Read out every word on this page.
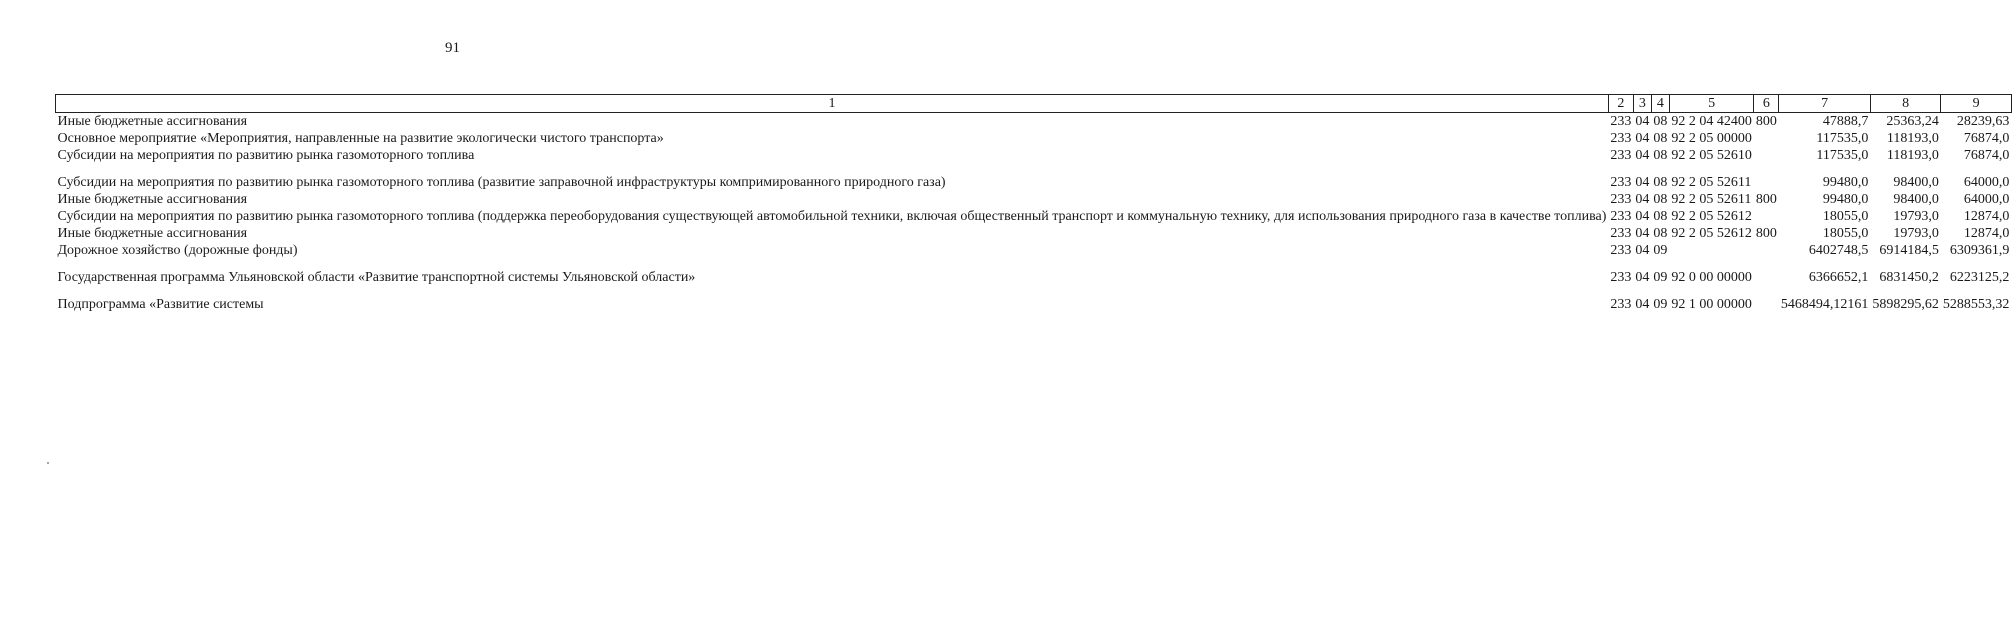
91
1	2	3	4	5	6	7	8	9
Иные бюджетные ассигнования	233	04	08	92 2 04 42400	800	47888,7	25363,24	28239,63
Основное мероприятие «Мероприятия, направленные на развитие экологически чистого транспорта»	233	04	08	92 2 05 00000		117535,0	118193,0	76874,0
Субсидии на мероприятия по развитию рынка газомоторного топлива	233	04	08	92 2 05 52610		117535,0	118193,0	76874,0
Субсидии на мероприятия по развитию рынка газомоторного топлива (развитие заправочной инфраструктуры компримированного природного газа)	233	04	08	92 2 05 52611		99480,0	98400,0	64000,0
Иные бюджетные ассигнования	233	04	08	92 2 05 52611	800	99480,0	98400,0	64000,0
Субсидии на мероприятия по развитию рынка газомоторного топлива (поддержка переоборудования существующей автомобильной техники, включая общественный транспорт и коммунальную технику, для использования природного газа в качестве топлива)	233	04	08	92 2 05 52612		18055,0	19793,0	12874,0
Иные бюджетные ассигнования	233	04	08	92 2 05 52612	800	18055,0	19793,0	12874,0
Дорожное хозяйство (дорожные фонды)	233	04	09			6402748,5	6914184,5	6309361,9
Государственная программа Ульяновской области «Развитие транспортной системы Ульяновской области»	233	04	09	92 0 00 00000		6366652,1	6831450,2	6223125,2
Подпрограмма «Развитие системы	233	04	09	92 1 00 00000		5468494,12161	5898295,62	5288553,32
